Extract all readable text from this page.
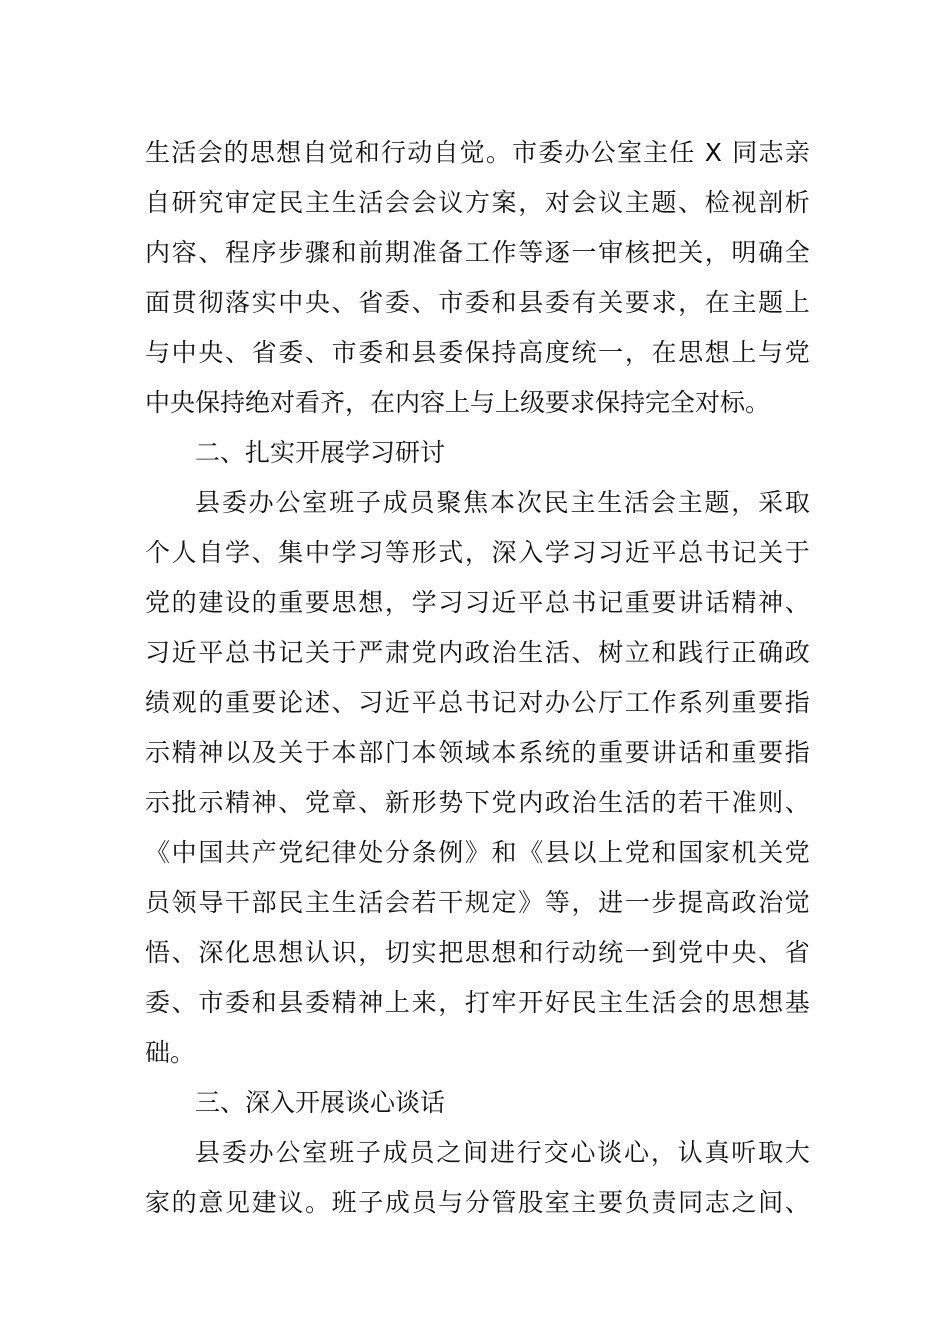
生 活 会 的 思 想 自 觉 和 行 动 自 觉 。 市 委 办 公 室 主 任
X
同 志 亲
自 研 究 审 定 民 主 生 活 会 会 议 方 案 ， 对 会 议 主 题 、 检 视 剖 析
内 容 、 程 序 步 骤 和 前 期 准 备 工 作 等 逐 一 审 核 把 关 ， 明 确 全
面 贯 彻 落 实 中 央 、 省 委 、 市 委 和 县 委 有 关 要 求 ， 在 主 题 上
与 中 央 、 省 委 、 市 委 和 县 委 保 持 高 度 统 一 ， 在 思 想 上 与 党
中央保持绝对看齐，在内容上与上级要求保持完全对标。
二、扎实开展学习研讨
县 委 办 公 室 班 子 成 员 聚 焦 本 次 民 主 生 活 会 主 题 ， 采 取
个 人 自 学 、 集 中 学 习 等 形 式 ， 深 入 学 习 习 近 平 总 书 记 关 于
党 的 建 设 的 重 要 思 想 ， 学 习 习 近 平 总 书 记 重 要 讲 话 精 神 、
习 近 平 总 书 记 关 于 严 肃 党 内 政 治 生 活 、 树 立 和 践 行 正 确 政
绩 观 的 重 要 论 述 、 习 近 平 总 书 记 对 办 公 厅 工 作 系 列 重 要 指
示 精 神 以 及 关 于 本 部 门 本 领 域 本 系 统 的 重 要 讲 话 和 重 要 指
示 批 示 精 神 、 党 章 、 新 形 势 下 党 内 政 治 生 活 的 若 干 准 则 、
《 中 国 共 产 党 纪 律 处 分 条 例 》 和 《 县 以 上 党 和 国 家 机 关 党
员 领 导 干 部 民 主 生 活 会 若 干 规 定 》 等 ， 进 一 步 提 高 政 治 觉
悟 、 深 化 思 想 认 识 ， 切 实 把 思 想 和 行 动 统 一 到 党 中 央 、 省
委 、 市 委 和 县 委 精 神 上 来 ， 打 牢 开 好 民 主 生 活 会 的 思 想 基
础。
三、深入开展谈心谈话
县 委 办 公 室 班 子 成 员 之 间 进 行 交 心 谈 心 ， 认 真 听 取 大
家 的 意 见 建 议 。 班 子 成 员 与 分 管 股 室 主 要 负 责 同 志 之 间 、
